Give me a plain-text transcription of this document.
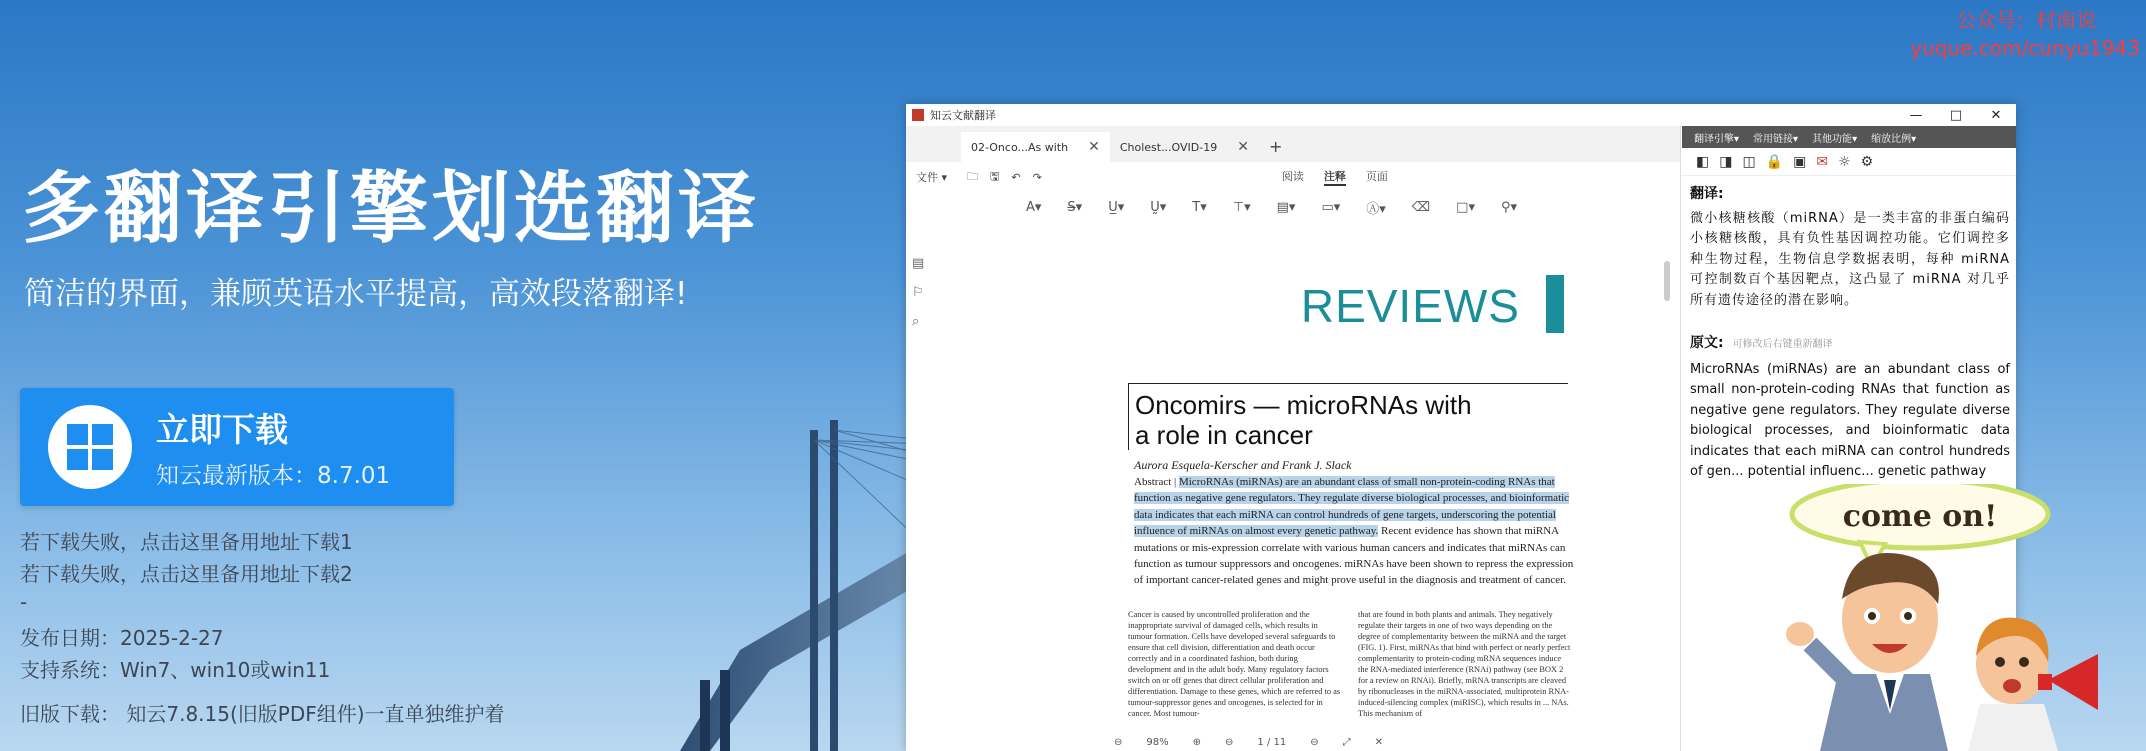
公众号：村南说
yuque.com/cunyu1943
多翻译引擎划选翻译
简洁的界面，兼顾英语水平提高，高效段落翻译!
立即下载
知云最新版本：8.7.01
若下载失败，点击这里备用地址下载1
若下载失败，点击这里备用地址下载2
-
发布日期：2025-2-27
支持系统：Win7、win10或win11
旧版下载： 知云7.8.15(旧版PDF组件)一直单独维护着
知云文献翻译	—	□	✕
02-Onco...As with ✕ Cholest...OVID-19 ✕ +
文件 ▾ 🗀 🖫 ↶ ↷	阅读 注释 页面
A▾ S̶▾ U̲▾ Ṵ▾ T▾ ⊤▾ ▤▾ ▭▾ Ⓐ▾ ⌫ □▾ ⚲▾
▤
⚐
⌕	REVIEWS
Oncomirs — microRNAs with
a role in cancer
Aurora Esquela-Kerscher and Frank J. Slack
Abstract | MicroRNAs (miRNAs) are an abundant class of small non-protein-coding RNAs that function as negative gene regulators. They regulate diverse biological processes, and bioinformatic data indicates that each miRNA can control hundreds of gene targets, underscoring the potential influence of miRNAs on almost every genetic pathway. Recent evidence has shown that miRNA mutations or mis-expression correlate with various human cancers and indicates that miRNAs can function as tumour suppressors and oncogenes. miRNAs have been shown to repress the expression of important cancer-related genes and might prove useful in the diagnosis and treatment of cancer.
Cancer is caused by uncontrolled proliferation and the inappropriate survival of damaged cells, which results in tumour formation. Cells have developed several safeguards to ensure that cell division, differentiation and death occur correctly and in a coordinated fashion, both during development and in the adult body. Many regulatory factors switch on or off genes that direct cellular proliferation and differentiation. Damage to these genes, which are referred to as tumour-suppressor genes and oncogenes, is selected for in cancer. Most tumour-
that are found in both plants and animals. They negatively regulate their targets in one of two ways depending on the degree of complementarity between the miRNA and the target (FIG. 1). First, miRNAs that bind with perfect or nearly perfect complementarity to protein-coding mRNA sequences induce the RNA-mediated interference (RNAi) pathway (see BOX 2 for a review on RNAi). Briefly, mRNA transcripts are cleaved by ribonucleases in the miRNA-associated, multiprotein RNA-induced-silencing complex (miRISC), which results in ... NAs. This mechanism of
⊖ 98% ⊕ ⊖ 1 / 11 ⊖ ⤢ ✕
翻译引擎▾ 常用链接▾ 其他功能▾ 缩放比例▾
◧ ◨ ◫ 🔒 ▣ ✉ ☼ ⚙
翻译:
微小核糖核酸（miRNA）是一类丰富的非蛋白编码小核糖核酸，具有负性基因调控功能。它们调控多种生物过程，生物信息学数据表明，每种 miRNA 可控制数百个基因靶点，这凸显了 miRNA 对几乎所有遗传途径的潜在影响。
原文: 可修改后右键重新翻译
MicroRNAs (miRNAs) are an abundant class of small non-protein-coding RNAs that function as negative gene regulators. They regulate diverse biological processes, and bioinformatic data indicates that each miRNA can control hundreds of gen... potential influenc... genetic pathway
come on!
